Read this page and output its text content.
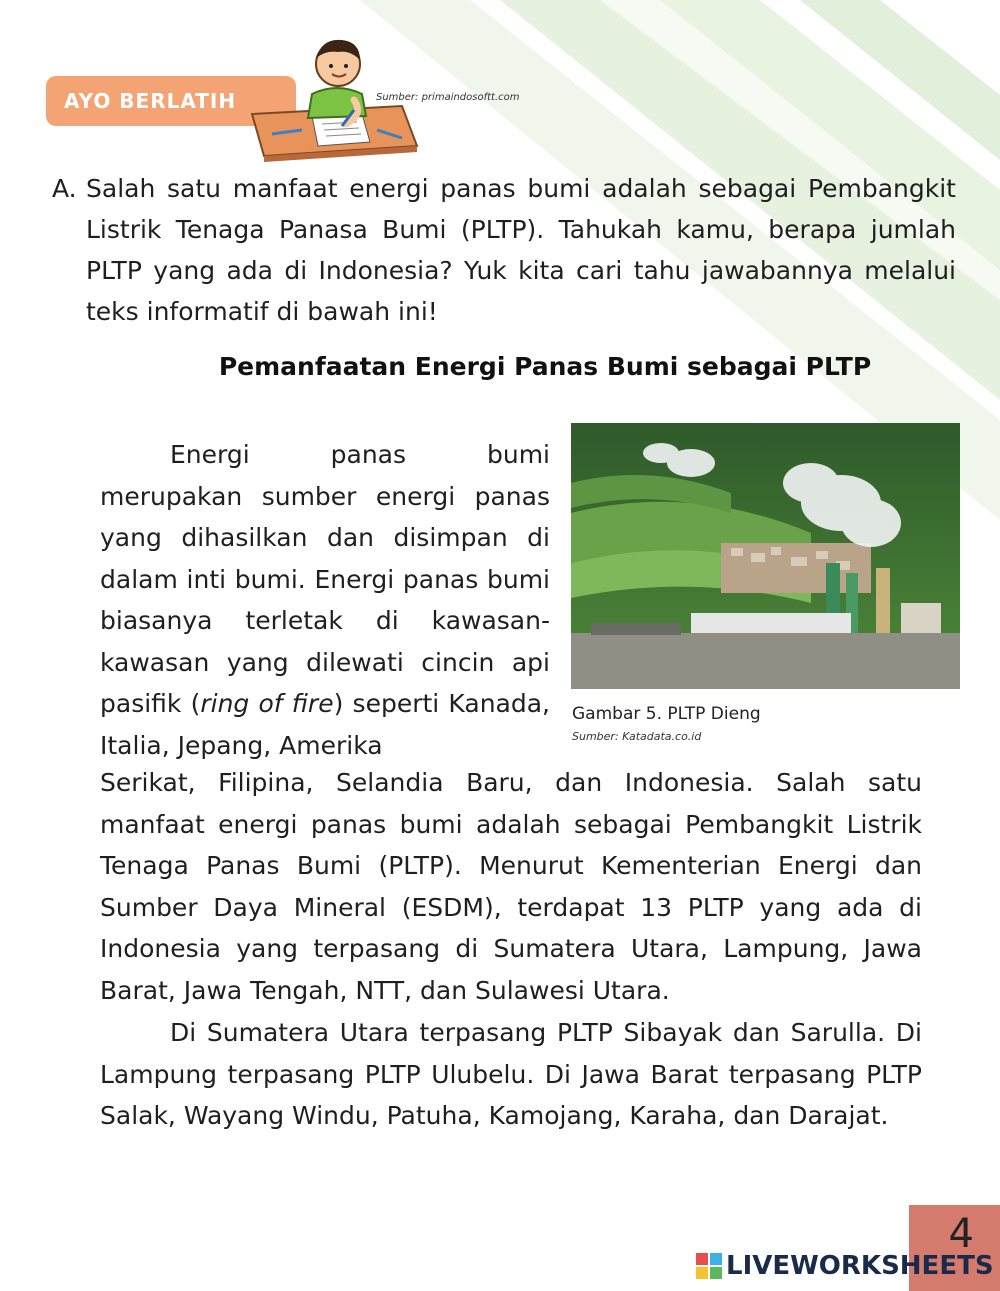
AYO BERLATIH	Sumber: primaindosoftt.com
A. Salah satu manfaat energi panas bumi adalah sebagai Pembangkit Listrik Tenaga Panasa Bumi (PLTP). Tahukah kamu, berapa jumlah PLTP yang ada di Indonesia? Yuk kita cari tahu jawabannya melalui teks informatif di bawah ini!
Pemanfaatan Energi Panas Bumi sebagai PLTP
Energi panas bumi merupakan sumber energi panas yang dihasilkan dan disimpan di dalam inti bumi. Energi panas bumi biasanya terletak di kawasan-kawasan yang dilewati cincin api pasifik (ring of fire) seperti Kanada, Italia, Jepang, Amerika
Gambar 5. PLTP Dieng
Sumber: Katadata.co.id
Serikat, Filipina, Selandia Baru, dan Indonesia. Salah satu manfaat energi panas bumi adalah sebagai Pembangkit Listrik Tenaga Panas Bumi (PLTP). Menurut Kementerian Energi dan Sumber Daya Mineral (ESDM), terdapat 13 PLTP yang ada di Indonesia yang terpasang di Sumatera Utara, Lampung, Jawa Barat, Jawa Tengah, NTT, dan Sulawesi Utara.
Di Sumatera Utara terpasang PLTP Sibayak dan Sarulla. Di Lampung terpasang PLTP Ulubelu. Di Jawa Barat terpasang PLTP Salak, Wayang Windu, Patuha, Kamojang, Karaha, dan Darajat.
4
LIVEWORKSHEETS
